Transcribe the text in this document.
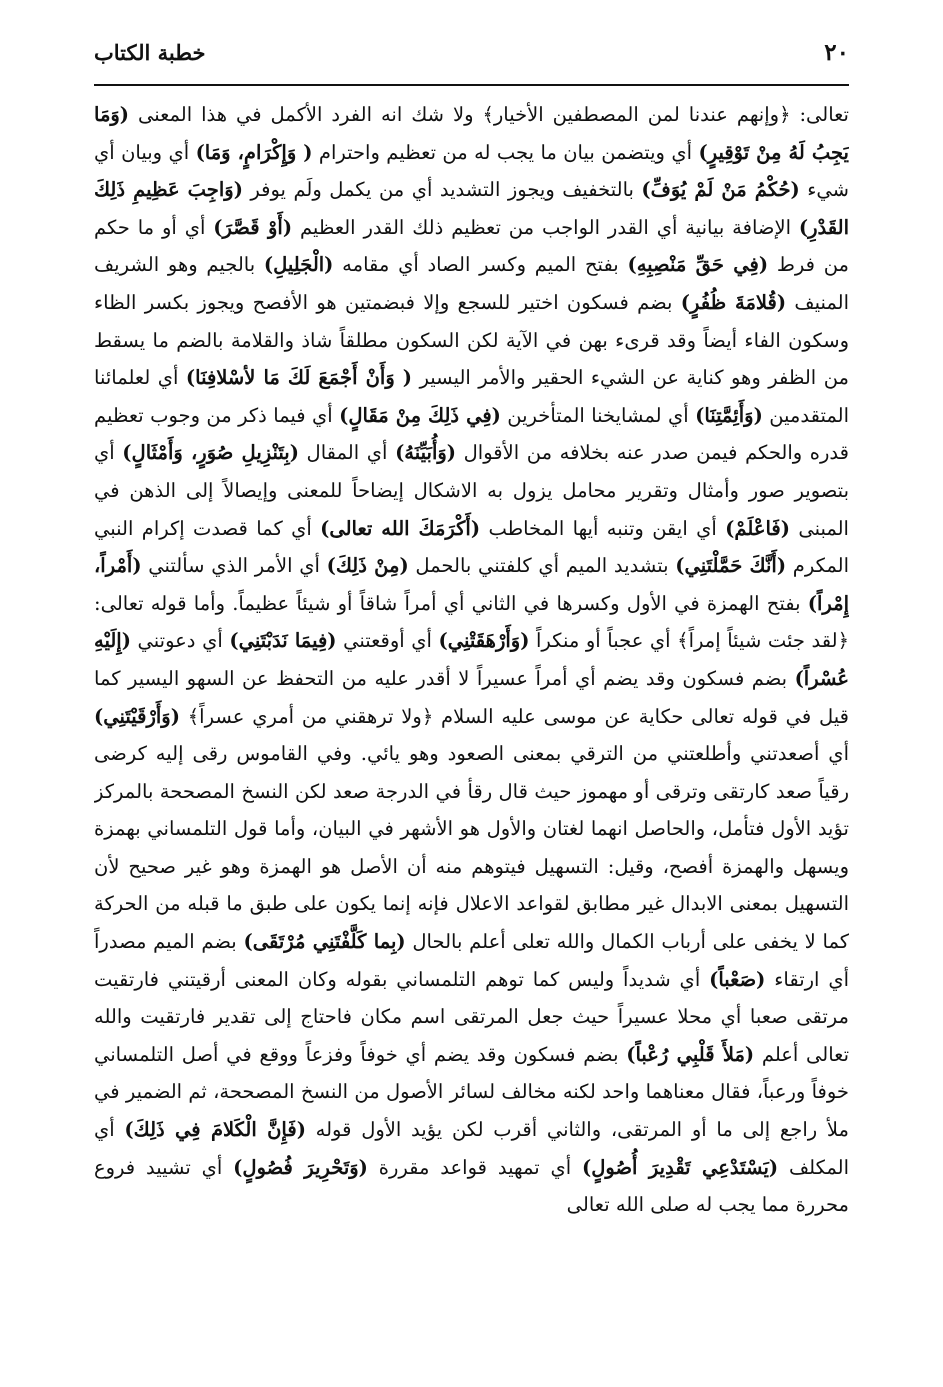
٢٠
خطبة الكتاب

تعالى: ﴿وإنهم عندنا لمن المصطفين الأخيار﴾ ولا شك انه الفرد الأكمل في هذا المعنى (وَمَا يَجِبُ لَهُ مِنْ تَوْقِيرٍ) أي ويتضمن بيان ما يجب له من تعظيم واحترام ( وَإِكْرَامٍ، وَمَا) أي وبيان أي شيء (حُكْمُ مَنْ لَمْ يُوَفِّ) بالتخفيف ويجوز التشديد أي من يكمل ولَم يوفر (وَاجِبَ عَظِيمِ ذَلِكَ القَدْرِ) الإضافة بيانية أي القدر الواجب من تعظيم ذلك القدر العظيم (أَوْ قَصَّرَ) أي أو ما حكم من فرط (فِي حَقِّ مَنْصِبِهِ) بفتح الميم وكسر الصاد أي مقامه (الْجَلِيلِ) بالجيم وهو الشريف المنيف (قُلامَةَ ظُفُرٍ) بضم فسكون اختير للسجع وإلا فبضمتين هو الأفصح ويجوز بكسر الظاء وسكون الفاء أيضاً وقد قرىء بهن في الآية لكن السكون مطلقاً شاذ والقلامة بالضم ما يسقط من الظفر وهو كناية عن الشيء الحقير والأمر اليسير ( وَأَنْ أَجْمَعَ لَكَ مَا لأسْلافِنَا) أي لعلمائنا المتقدمين (وَأَئِمَّتِنَا) أي لمشايخنا المتأخرين (فِي ذَلِكَ مِنْ مَقَالٍ) أي فيما ذكر من وجوب تعظيم قدره والحكم فيمن صدر عنه بخلافه من الأقوال (وَأُبَيِّنَهُ) أي المقال (بِتَنْزِيلِ صُوَرٍ، وَأَمْثَالٍ) أي بتصوير صور وأمثال وتقرير محامل يزول به الاشكال إيضاحاً للمعنى وإيصالاً إلى الذهن في المبنى (فَاعْلَمْ) أي ايقن وتنبه أيها المخاطب (أَكْرَمَكَ الله تعالى) أي كما قصدت إكرام النبي المكرم (أَنَّكَ حَمَّلْتَنِي) بتشديد الميم أي كلفتني بالحمل (مِنْ ذَلِكَ) أي الأمر الذي سألتني (أَمْراً، إِمْراً) بفتح الهمزة في الأول وكسرها في الثاني أي أمراً شاقاً أو شيئاً عظيماً. وأما قوله تعالى: ﴿لقد جئت شيئاً إمراً﴾ أي عجباً أو منكراً (وَأَرْهَقَتْنِي) أي أوقعتني (فِيمَا نَدَبْتَنِي) أي دعوتني (إِلَيْهِ عُسْراً) بضم فسكون وقد يضم أي أمراً عسيراً لا أقدر عليه من التحفظ عن السهو اليسير كما قيل في قوله تعالى حكاية عن موسى عليه السلام ﴿ولا ترهقني من أمري عسراً﴾ (وَأَرْقَيْتَنِي) أي أصعدتني وأطلعتني من الترقي بمعنى الصعود وهو يائي. وفي القاموس رقى إليه كرضى رقياً صعد كارتقى وترقى أو مهموز حيث قال رقأ في الدرجة صعد لكن النسخ المصححة بالمركز تؤيد الأول فتأمل، والحاصل انهما لغتان والأول هو الأشهر في البيان، وأما قول التلمساني بهمزة ويسهل والهمزة أفصح، وقيل: التسهيل فيتوهم منه أن الأصل هو الهمزة وهو غير صحيح لأن التسهيل بمعنى الابدال غير مطابق لقواعد الاعلال فإنه إنما يكون على طبق ما قبله من الحركة كما لا يخفى على أرباب الكمال والله تعلى أعلم بالحال (بِما كَلَّفْتَنِي مُرْتَقَى) بضم الميم مصدراً أي ارتقاء (صَعْباً) أي شديداً وليس كما توهم التلمساني بقوله وكان المعنى أرقيتني فارتقيت مرتقى صعبا أي محلا عسيراً حيث جعل المرتقى اسم مكان فاحتاج إلى تقدير فارتقيت والله تعالى أعلم (مَلأَ قَلْبِي رُعْباً) بضم فسكون وقد يضم أي خوفاً وفزعاً ووقع في أصل التلمساني خوفاً ورعباً، فقال معناهما واحد لكنه مخالف لسائر الأصول من النسخ المصححة، ثم الضمير في ملأ راجع إلى ما أو المرتقى، والثاني أقرب لكن يؤيد الأول قوله (فَإِنَّ الْكَلامَ فِي ذَلِكَ) أي المكلف (يَسْتَدْعِي تَقْدِيرَ أُصُولٍ) أي تمهيد قواعد مقررة (وَتَحْرِيرَ فُصُولٍ) أي تشييد فروع محررة مما يجب له صلى الله تعالى
